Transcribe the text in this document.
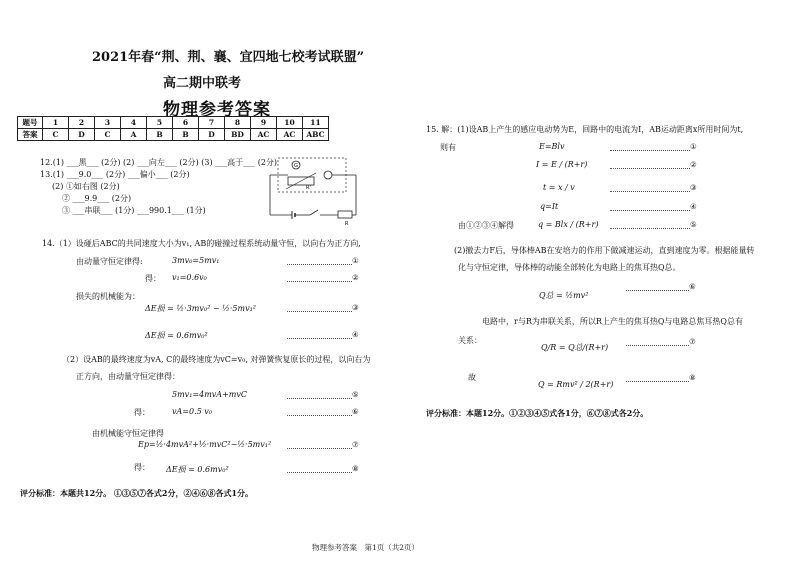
2021年春“荆、荆、襄、宜四地七校考试联盟”
高二期中联考
物理参考答案
题号	1	2	3	4	5	6	7	8	9	10	11
答案	C	D	C	A	B	B	D	BD	AC	AC	ABC
12.(1) ___黑___ (2分) (2) ___向左___ (2分) (3) ___高于___ (2分)
13.(1) ___9.0___ (2分) ___偏小___ (2分)
(2) ①如右图 (2分)
② ___9.9___ (2分)
③ ___串联___ (1分) ___990.1___ (1分)
G
R'
R
14.（1）设碰后ABC的共同速度大小为v₁, AB的碰撞过程系统动量守恒，以向右为正方向,
由动量守恒定律得:	3mv₀=5mv₁	①
得： v₁=0.6v₀	②
损失的机械能为：
ΔE损 = ½·3mv₀² − ½·5mv₁²	③
ΔE损 = 0.6mv₀²	④
（2）设AB的最终速度为vA, C的最终速度为vC=v₀, 对弹簧恢复原长的过程，以向右为
正方向，由动量守恒定律得：
5mv₁=4mvA+mvC	⑤
得：	vA=0.5 v₀	⑥
由机械能守恒定律得
Ep=½·4mvA²+½·mvC²−½·5mv₁²	⑦
得： ΔE损 = 0.6mv₀²	⑧
评分标准：本题共12分。 ①③⑤⑦各式2分，②④⑥⑧各式1分。
15. 解：(1)设AB上产生的感应电动势为E，回路中的电流为I，AB运动距离x所用时间为t,
则有	E=Blv	①
I = E / (R+r)	②
t = x / v	③
q=It	④
由①②③④解得	q = Blx / (R+r)	⑤
(2)撤去力F后，导体棒AB在安培力的作用下做减速运动，直到速度为零。根据能量转
化与守恒定律，导体棒的动能全部转化为电路上的焦耳热Q总。
Q总 = ½mv²
⑥
电路中，r与R为串联关系，所以R上产生的焦耳热Q与电路总焦耳热Q总有
关系：
Q/R = Q总/(R+r)
⑦
故
Q = Rmv² / 2(R+r)
⑧
评分标准：本题12分。①②③④⑤式各1分，⑥⑦⑧式各2分。
物理参考答案　第1页（共2页）
